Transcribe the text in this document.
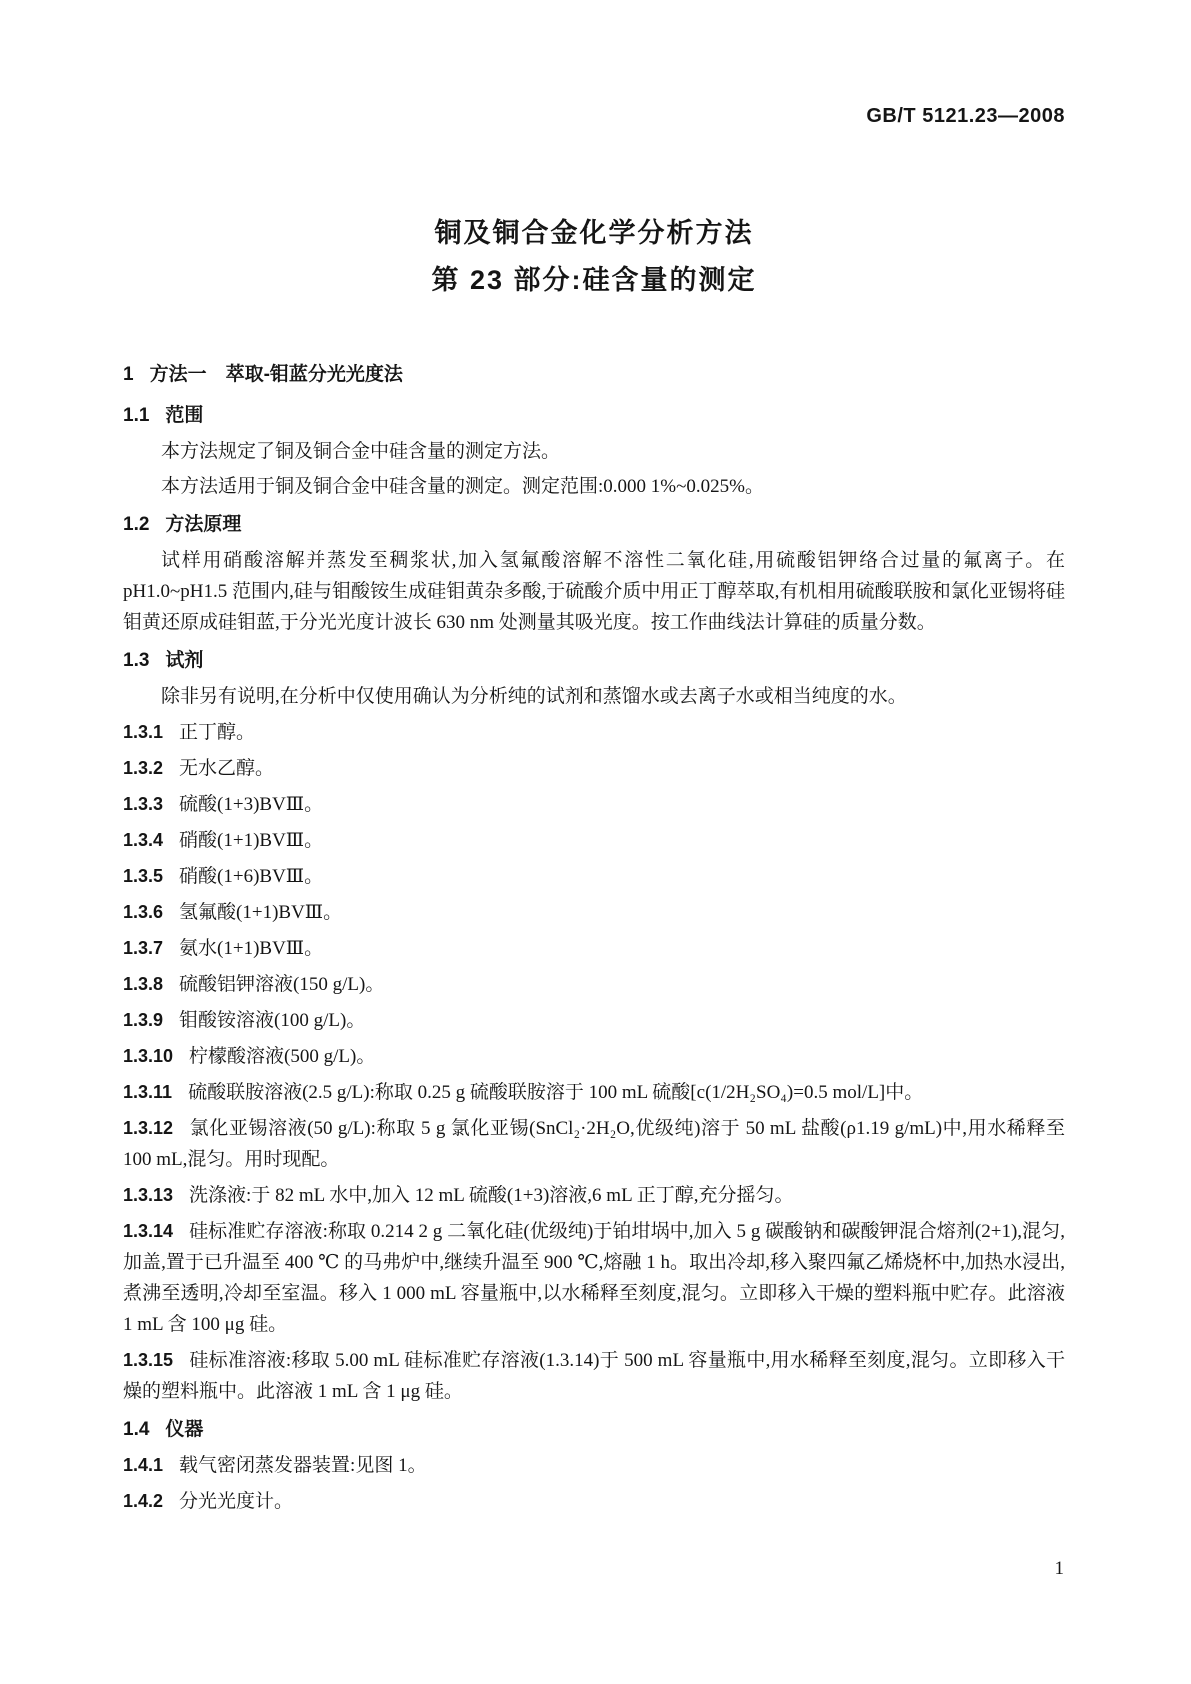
GB/T 5121.23—2008
铜及铜合金化学分析方法
第 23 部分:硅含量的测定
1 方法一　萃取-钼蓝分光光度法
1.1 范围

本方法规定了铜及铜合金中硅含量的测定方法。

本方法适用于铜及铜合金中硅含量的测定。测定范围:0.000 1%~0.025%。

1.2 方法原理

试样用硝酸溶解并蒸发至稠浆状,加入氢氟酸溶解不溶性二氧化硅,用硫酸铝钾络合过量的氟离子。在 pH1.0~pH1.5 范围内,硅与钼酸铵生成硅钼黄杂多酸,于硫酸介质中用正丁醇萃取,有机相用硫酸联胺和氯化亚锡将硅钼黄还原成硅钼蓝,于分光光度计波长 630 nm 处测量其吸光度。按工作曲线法计算硅的质量分数。

1.3 试剂

除非另有说明,在分析中仅使用确认为分析纯的试剂和蒸馏水或去离子水或相当纯度的水。

1.3.1 正丁醇。

1.3.2 无水乙醇。

1.3.3 硫酸(1+3)BVⅢ。

1.3.4 硝酸(1+1)BVⅢ。

1.3.5 硝酸(1+6)BVⅢ。

1.3.6 氢氟酸(1+1)BVⅢ。

1.3.7 氨水(1+1)BVⅢ。

1.3.8 硫酸铝钾溶液(150 g/L)。

1.3.9 钼酸铵溶液(100 g/L)。

1.3.10 柠檬酸溶液(500 g/L)。

1.3.11 硫酸联胺溶液(2.5 g/L):称取 0.25 g 硫酸联胺溶于 100 mL 硫酸[c(1/2H₂SO₄)=0.5 mol/L]中。

1.3.12 氯化亚锡溶液(50 g/L):称取 5 g 氯化亚锡(SnCl₂·2H₂O,优级纯)溶于 50 mL 盐酸(ρ1.19 g/mL)中,用水稀释至 100 mL,混匀。用时现配。

1.3.13 洗涤液:于 82 mL 水中,加入 12 mL 硫酸(1+3)溶液,6 mL 正丁醇,充分摇匀。

1.3.14 硅标准贮存溶液:称取 0.214 2 g 二氧化硅(优级纯)于铂坩埚中,加入 5 g 碳酸钠和碳酸钾混合熔剂(2+1),混匀,加盖,置于已升温至 400 ℃ 的马弗炉中,继续升温至 900 ℃,熔融 1 h。取出冷却,移入聚四氟乙烯烧杯中,加热水浸出,煮沸至透明,冷却至室温。移入 1 000 mL 容量瓶中,以水稀释至刻度,混匀。立即移入干燥的塑料瓶中贮存。此溶液 1 mL 含 100 μg 硅。

1.3.15 硅标准溶液:移取 5.00 mL 硅标准贮存溶液(1.3.14)于 500 mL 容量瓶中,用水稀释至刻度,混匀。立即移入干燥的塑料瓶中。此溶液 1 mL 含 1 μg 硅。

1.4 仪器

1.4.1 载气密闭蒸发器装置:见图 1。

1.4.2 分光光度计。

1
